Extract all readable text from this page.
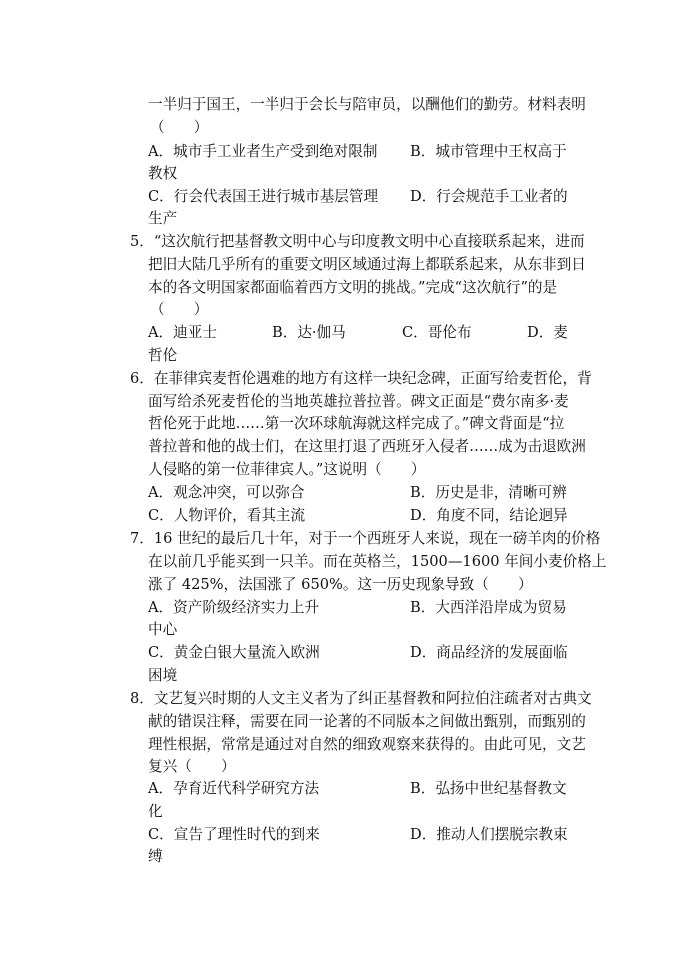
一半归于国王，一半归于会长与陪审员，以酬他们的勤劳。材料表明
（　　）
A．城市手工业者生产受到绝对限制 B．城市管理中王权高于
教权
C．行会代表国王进行城市基层管理 D．行会规范手工业者的
生产
5．“这次航行把基督教文明中心与印度教文明中心直接联系起来，进而
把旧大陆几乎所有的重要文明区域通过海上都联系起来，从东非到日
本的各文明国家都面临着西方文明的挑战。”完成“这次航行”的是
（　　）
A．迪亚士	B．达·伽马	C．哥伦布	D．麦
哲伦
6．在菲律宾麦哲伦遇难的地方有这样一块纪念碑，正面写给麦哲伦，背
面写给杀死麦哲伦的当地英雄拉普拉普。碑文正面是“费尔南多·麦
哲伦死于此地……第一次环球航海就这样完成了。”碑文背面是“拉
普拉普和他的战士们，在这里打退了西班牙入侵者……成为击退欧洲
人侵略的第一位菲律宾人。”这说明（　　）
A．观念冲突，可以弥合	B．历史是非，清晰可辨
C．人物评价，看其主流	D．角度不同，结论迥异
7．16 世纪的最后几十年，对于一个西班牙人来说，现在一磅羊肉的价格
在以前几乎能买到一只羊。而在英格兰，1500—1600 年间小麦价格上
涨了 425%，法国涨了 650%。这一历史现象导致（　　）
A．资产阶级经济实力上升	B．大西洋沿岸成为贸易
中心
C．黄金白银大量流入欧洲	D．商品经济的发展面临
困境
8．文艺复兴时期的人文主义者为了纠正基督教和阿拉伯注疏者对古典文
献的错误注释，需要在同一论著的不同版本之间做出甄别，而甄别的
理性根据，常常是通过对自然的细致观察来获得的。由此可见，文艺
复兴（　　）
A．孕育近代科学研究方法	B．弘扬中世纪基督教文
化
C．宣告了理性时代的到来	D．推动人们摆脱宗教束
缚
